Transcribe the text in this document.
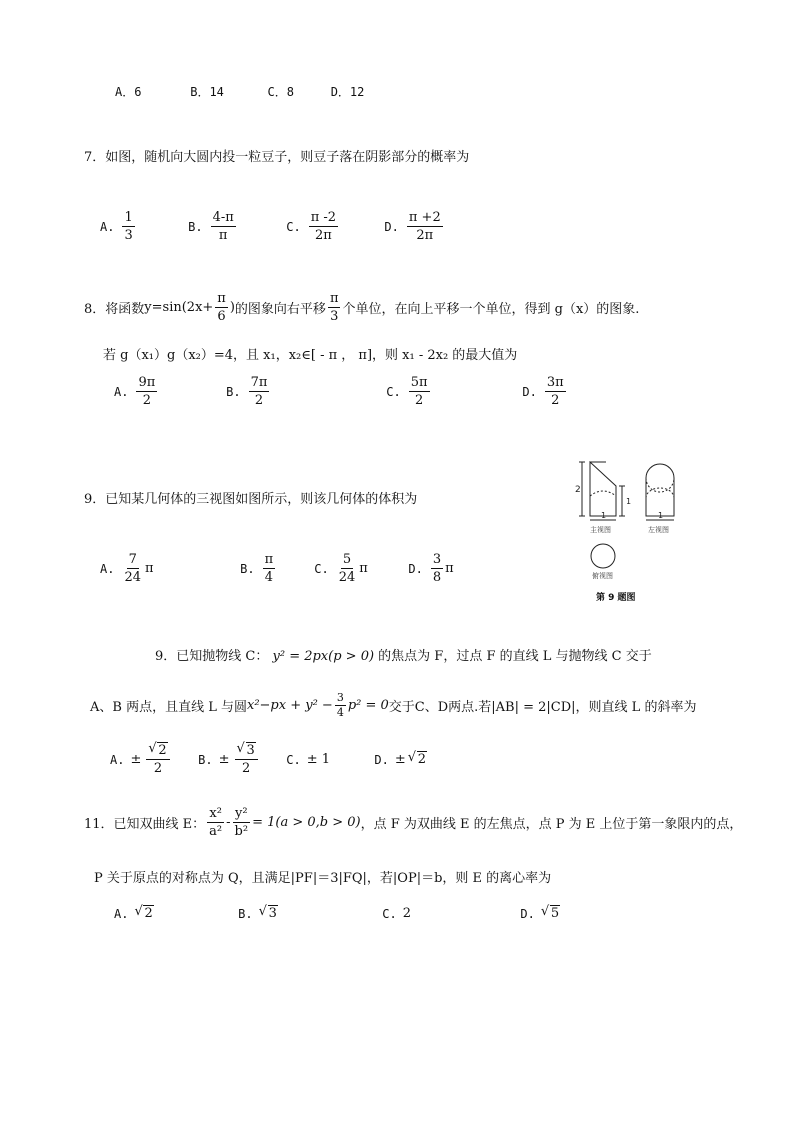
A．6	B．14	C．8	D．12
7．如图，随机向大圆内投一粒豆子，则豆子落在阴影部分的概率为
A. $\frac{1}{3}$
	B. $\frac{4-\pi}{\pi}$
	C. $\frac{\pi -2}{2\pi}$
	D. $\frac{\pi +2}{2\pi}$
8．将函数 $y=\sin(2x+ \frac{\pi}{6}$ ) 的图象向右平移 $\frac{\pi}{3}$ 个单位，在向上平移一个单位，得到 g（x）的图象.
若 g（x₁）g（x₂）=4，且 x₁，x₂∈[ - π ， π]，则 x₁ - 2x₂ 的最大值为
A. $\frac{9\pi}{2}$
	B. $\frac{7\pi}{2}$
	C. $\frac{5\pi}{2}$
	D. $\frac{3\pi}{2}$
9．已知某几何体的三视图如图所示，则该几何体的体积为
A. $\frac{7}{24}$ π
	B. $\frac{\pi}{4}$
	C. $\frac{5}{24}$ π
	D. $\frac{3}{8}$ π
2
1
1
主视图
1
左视图
俯视图
第 9 题图
9．已知抛物线 C： y² = 2px(p > 0) 的焦点为 F，过点 F 的直线 L 与抛物线 C 交于
A、B 两点，且直线 L 与圆 $x^2-px + y^2 - \frac{3}{4} p^2 = 0$ 交于C、D两点.若|AB| = 2|CD|，则直线 L 的斜率为
A. ± √ $\frac{2}{2}$
B. ± √ $\frac{3}{2}$
C. ± 1
	D. ± √ 2
11．已知双曲线 E： $\frac{\text{x²}}{\text{a²}} - \frac{\text{y²}}{\text{b²}} = 1(a > 0,b > 0)$ ，点 F 为双曲线 E 的左焦点，点 P 为 E 上位于第一象限内的点，
P 关于原点的对称点为 Q，且满足|PF|＝3|FQ|，若|OP|＝b，则 E 的离心率为
A.	√ 2
	B.	√ 3
	C. 2
	D.	√ 5
